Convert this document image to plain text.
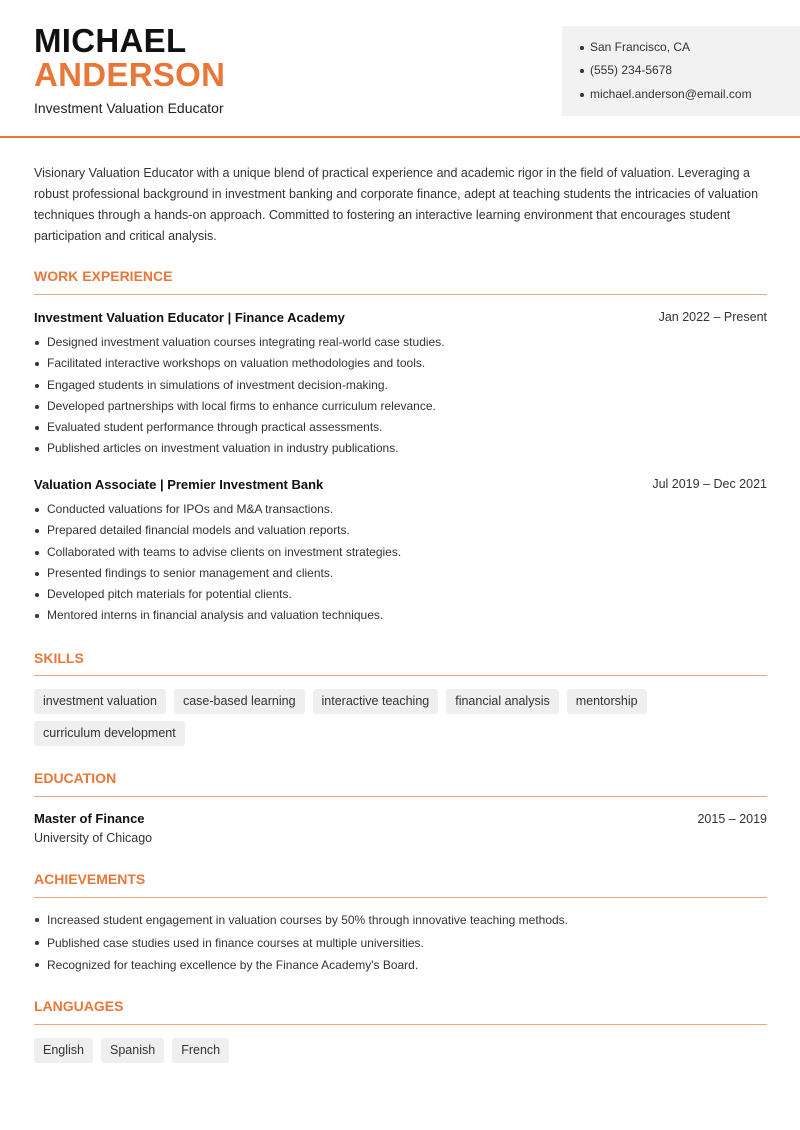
MICHAEL
ANDERSON
Investment Valuation Educator
San Francisco, CA
(555) 234-5678
michael.anderson@email.com

Visionary Valuation Educator with a unique blend of practical experience and academic rigor in the field of valuation. Leveraging a robust professional background in investment banking and corporate finance, adept at teaching students the intricacies of valuation techniques through a hands-on approach. Committed to fostering an interactive learning environment that encourages student participation and critical analysis.

WORK EXPERIENCE
Investment Valuation Educator | Finance Academy	Jan 2022 – Present
Designed investment valuation courses integrating real-world case studies.
Facilitated interactive workshops on valuation methodologies and tools.
Engaged students in simulations of investment decision-making.
Developed partnerships with local firms to enhance curriculum relevance.
Evaluated student performance through practical assessments.
Published articles on investment valuation in industry publications.
Valuation Associate | Premier Investment Bank	Jul 2019 – Dec 2021
Conducted valuations for IPOs and M&A transactions.
Prepared detailed financial models and valuation reports.
Collaborated with teams to advise clients on investment strategies.
Presented findings to senior management and clients.
Developed pitch materials for potential clients.
Mentored interns in financial analysis and valuation techniques.
SKILLS
investment valuation	case-based learning	interactive teaching	financial analysis	mentorship
curriculum development
EDUCATION
Master of Finance	2015 – 2019
University of Chicago
ACHIEVEMENTS
Increased student engagement in valuation courses by 50% through innovative teaching methods.
Published case studies used in finance courses at multiple universities.
Recognized for teaching excellence by the Finance Academy's Board.
LANGUAGES
English	Spanish	French
